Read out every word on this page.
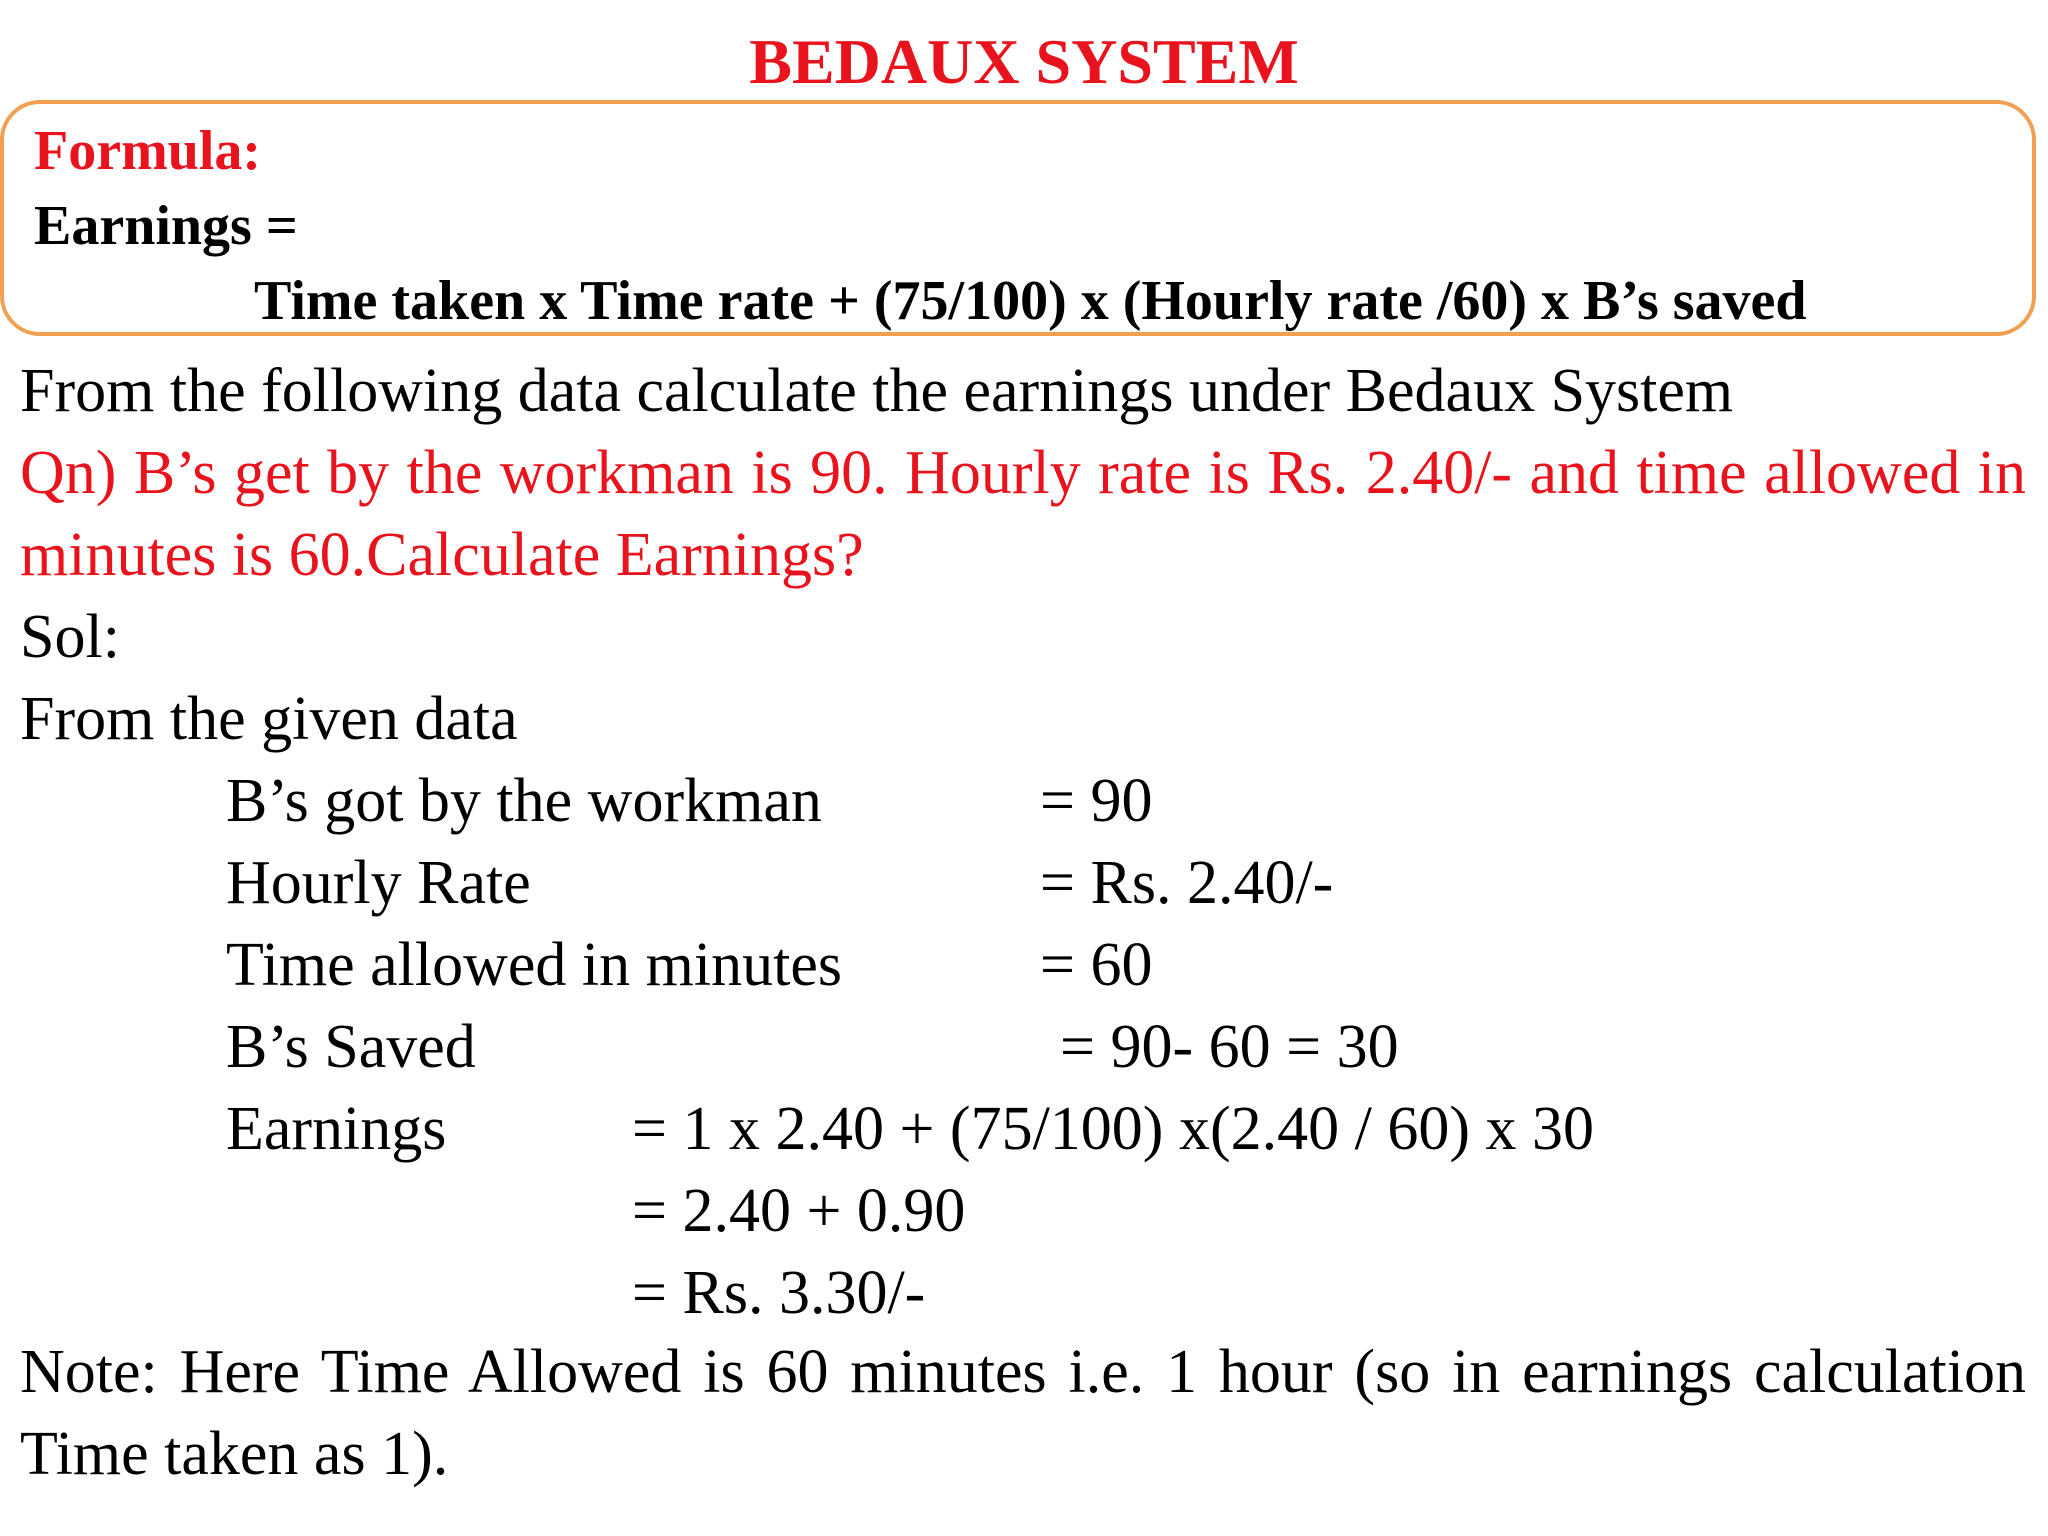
BEDAUX SYSTEM
Formula:
Earnings =
Time taken x Time rate + (75/100) x (Hourly rate /60) x B’s saved
From the following data calculate the earnings under Bedaux System
Qn) B’s get by the workman is 90. Hourly rate is Rs. 2.40/- and time allowed in minutes is 60.Calculate Earnings?
Sol:
From the given data
B’s got by the workman	= 90
Hourly Rate	= Rs. 2.40/-
Time allowed in minutes	= 60
B’s Saved	= 90- 60 = 30
Earnings	= 1 x 2.40 + (75/100) x(2.40 / 60) x 30
= 2.40 + 0.90
= Rs. 3.30/-
Note: Here Time Allowed is 60 minutes i.e. 1 hour (so in earnings calculation Time taken as 1).
